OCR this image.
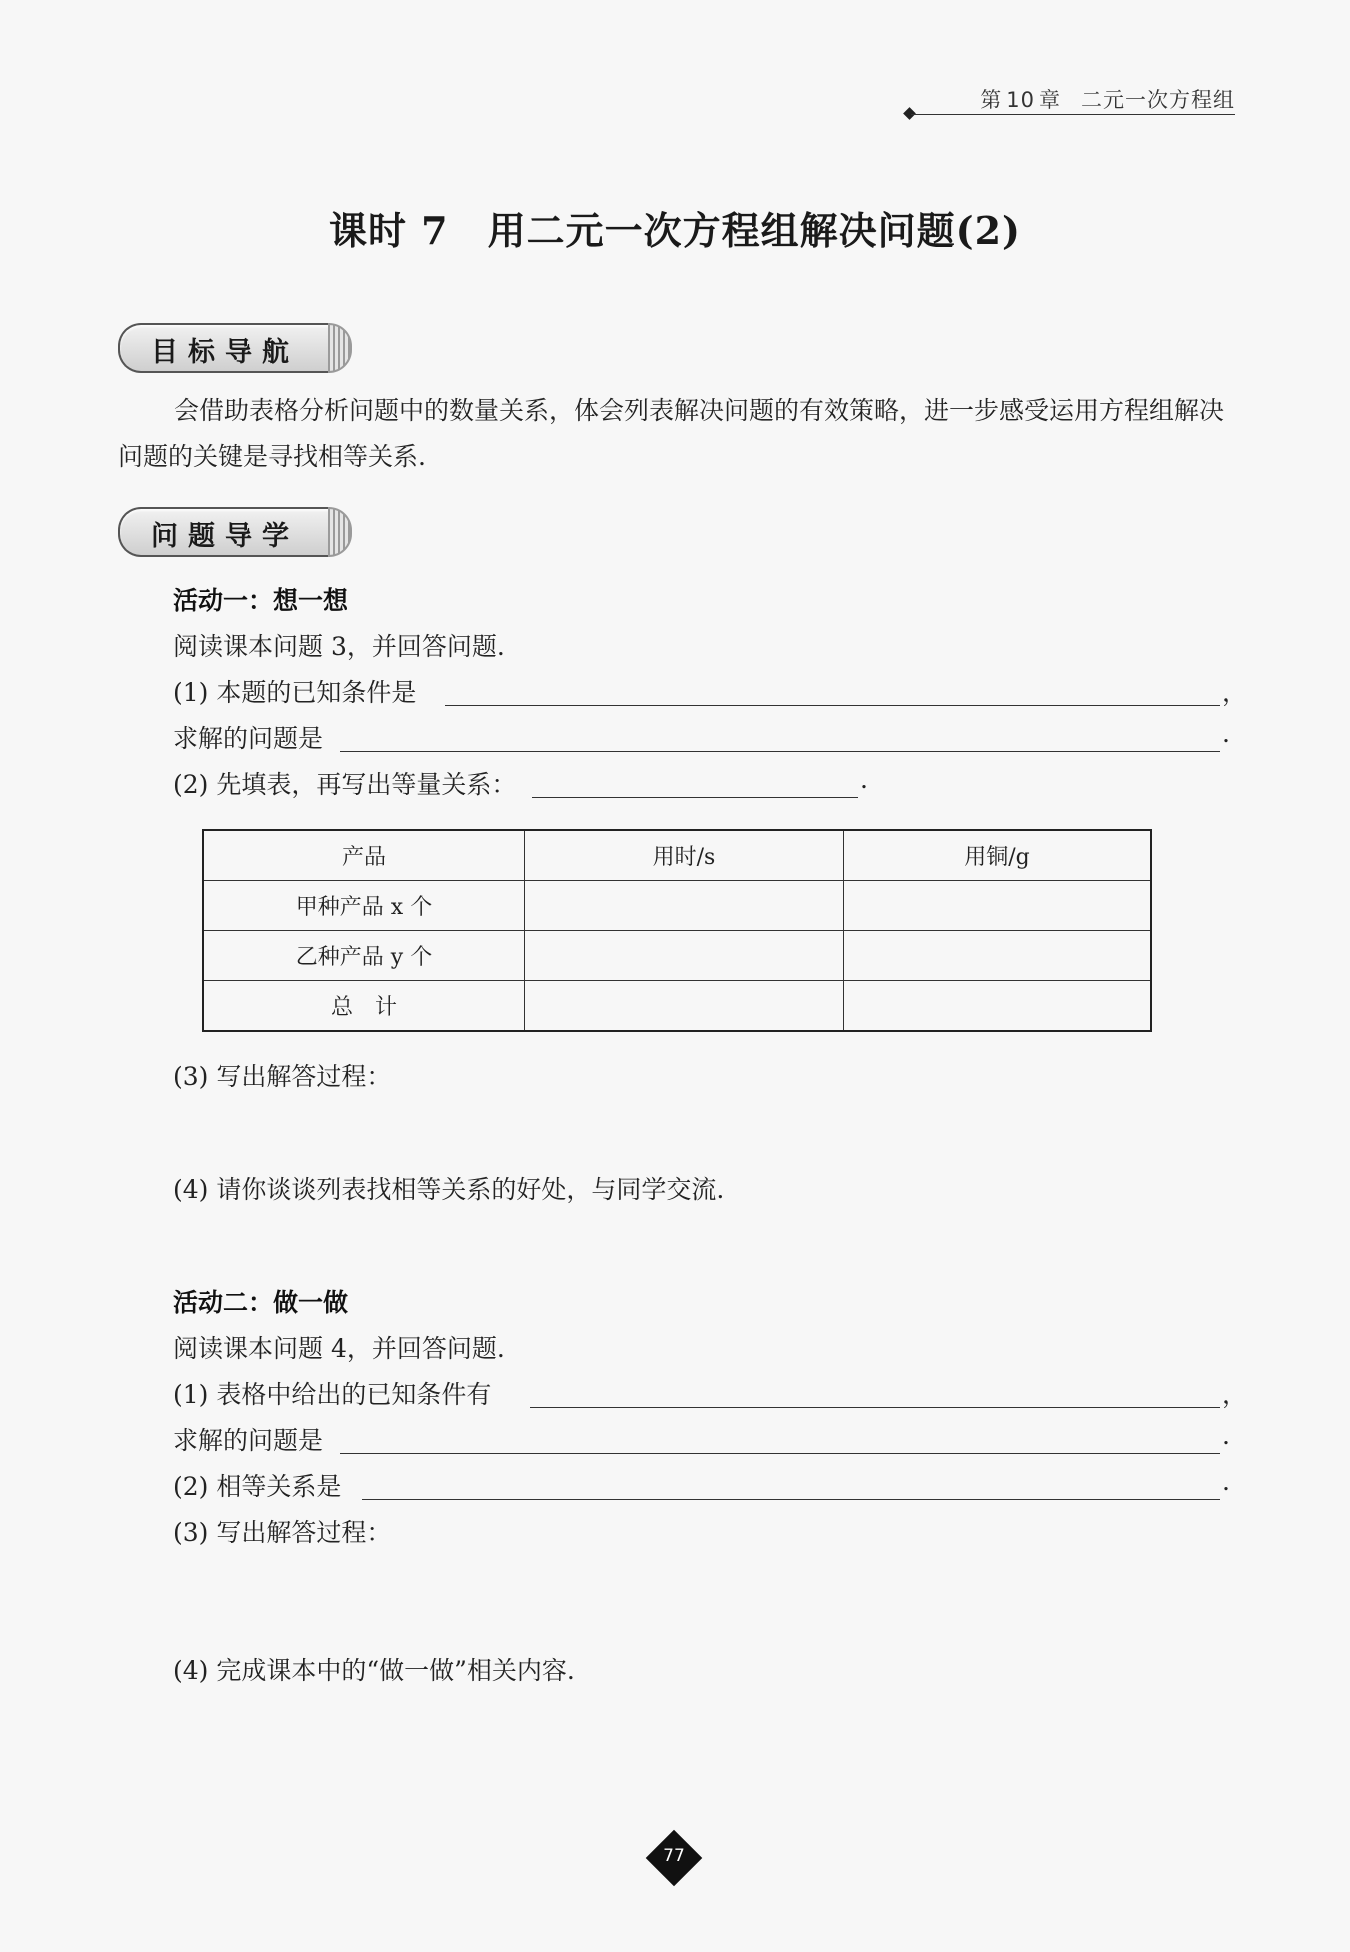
第 10 章 二元一次方程组
课时 7　用二元一次方程组解决问题(2)
目标导航
会借助表格分析问题中的数量关系，体会列表解决问题的有效策略，进一步感受运用方程组解决问题的关键是寻找相等关系.
问题导学
活动一：想一想
阅读课本问题 3，并回答问题.
(1) 本题的已知条件是	，
求解的问题是	.
(2) 先填表，再写出等量关系：	.
产品	用时/s	用铜/g
甲种产品 x 个		
乙种产品 y 个		
总　计		
(3) 写出解答过程：
(4) 请你谈谈列表找相等关系的好处，与同学交流.
活动二：做一做
阅读课本问题 4，并回答问题.
(1) 表格中给出的已知条件有	，
求解的问题是	.
(2) 相等关系是	.
(3) 写出解答过程：
(4) 完成课本中的“做一做”相关内容.
77
